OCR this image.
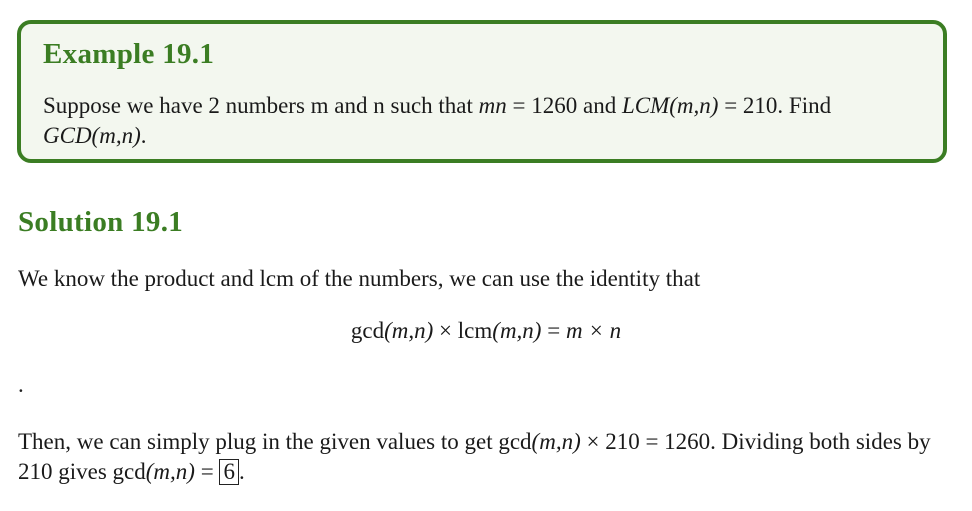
Example 19.1
Suppose we have 2 numbers m and n such that mn = 1260 and LCM(m,n) = 210. Find GCD(m,n).
Solution 19.1
We know the product and lcm of the numbers, we can use the identity that
gcd(m,n) × lcm(m,n) = m × n
.
Then, we can simply plug in the given values to get gcd(m,n) × 210 = 1260. Dividing both sides by 210 gives gcd(m,n) = 6 .
